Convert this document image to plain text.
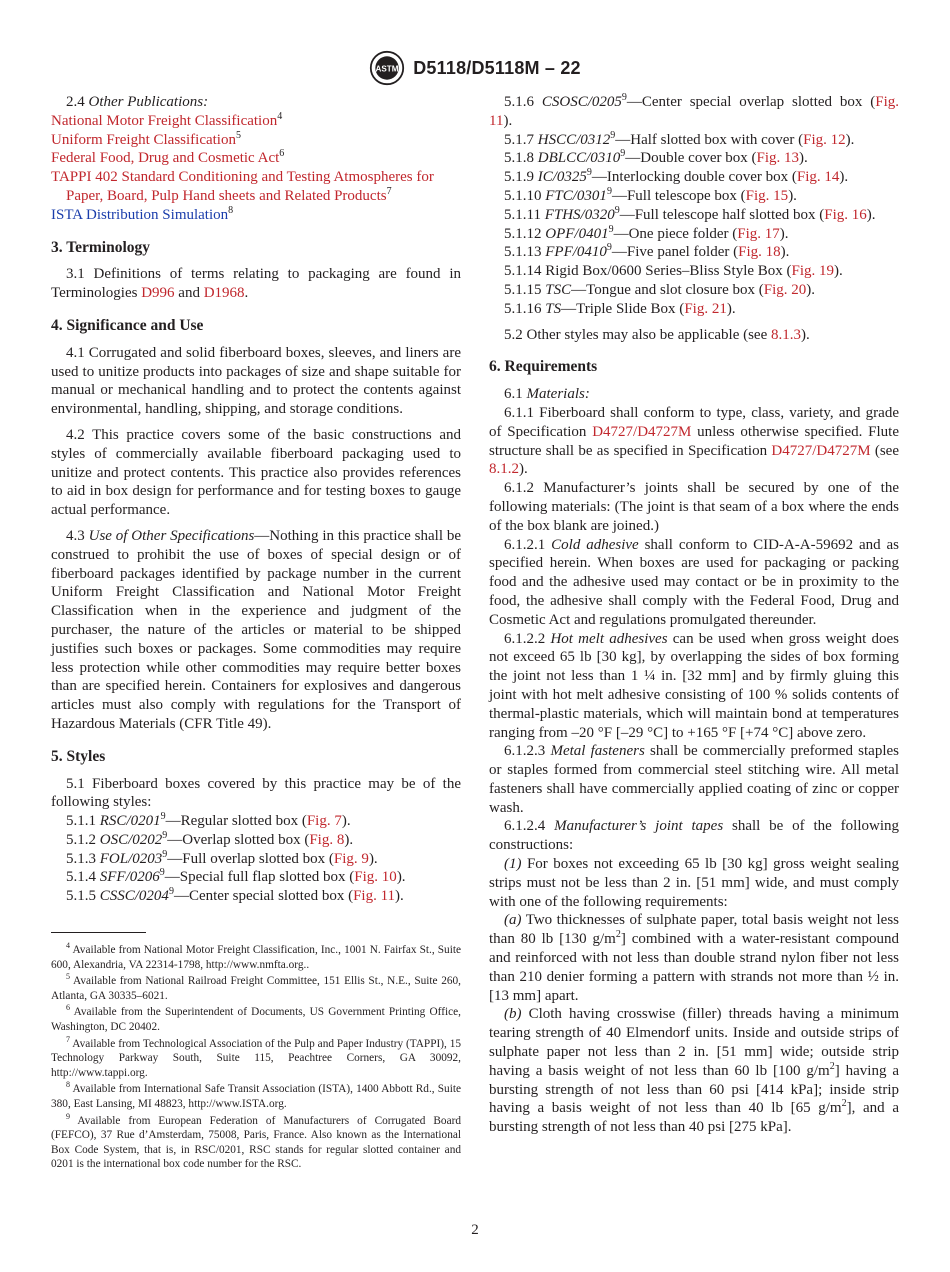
ASTM D5118/D5118M – 22

2.4 Other Publications:

National Motor Freight Classification$^4$

Uniform Freight Classification$^5$

Federal Food, Drug and Cosmetic Act$^6$

TAPPI 402 Standard Conditioning and Testing Atmospheres for Paper, Board, Pulp Hand sheets and Related Products$^7$

ISTA Distribution Simulation$^8$

3. Terminology

3.1 Definitions of terms relating to packaging are found in Terminologies D996 and D1968.

4. Significance and Use

4.1 Corrugated and solid fiberboard boxes, sleeves, and liners are used to unitize products into packages of size and shape suitable for manual or mechanical handling and to protect the contents against environmental, handling, shipping, and storage conditions.

4.2 This practice covers some of the basic constructions and styles of commercially available fiberboard packaging used to unitize and protect contents. This practice also provides references to aid in box design for performance and for testing boxes to gauge actual performance.

4.3 Use of Other Specifications—Nothing in this practice shall be construed to prohibit the use of boxes of special design or of fiberboard packages identified by package number in the current Uniform Freight Classification and National Motor Freight Classification when in the experience and judgment of the purchaser, the nature of the articles or material to be shipped justifies such boxes or packages. Some commodities may require less protection while other commodities may require better boxes than are specified herein. Containers for explosives and dangerous articles must also comply with regulations for the Transport of Hazardous Materials (CFR Title 49).

5. Styles

5.1 Fiberboard boxes covered by this practice may be of the following styles:

5.1.1 RSC/0201$^9$—Regular slotted box (Fig. 7).

5.1.2 OSC/0202$^9$—Overlap slotted box (Fig. 8).

5.1.3 FOL/0203$^9$—Full overlap slotted box (Fig. 9).

5.1.4 SFF/0206$^9$—Special full flap slotted box (Fig. 10).

5.1.5 CSSC/0204$^9$—Center special slotted box (Fig. 11).

$^4$ Available from National Motor Freight Classification, Inc., 1001 N. Fairfax St., Suite 600, Alexandria, VA 22314-1798, http://www.nmfta.org..

$^5$ Available from National Railroad Freight Committee, 151 Ellis St., N.E., Suite 260, Atlanta, GA 30335–6021.

$^6$ Available from the Superintendent of Documents, US Government Printing Office, Washington, DC 20402.

$^7$ Available from Technological Association of the Pulp and Paper Industry (TAPPI), 15 Technology Parkway South, Suite 115, Peachtree Corners, GA 30092, http://www.tappi.org.

$^8$ Available from International Safe Transit Association (ISTA), 1400 Abbott Rd., Suite 380, East Lansing, MI 48823, http://www.ISTA.org.

$^9$ Available from European Federation of Manufacturers of Corrugated Board (FEFCO), 37 Rue d’Amsterdam, 75008, Paris, France. Also known as the International Box Code System, that is, in RSC/0201, RSC stands for regular slotted container and 0201 is the international box code number for the RSC.

5.1.6 CSOSC/0205$^9$—Center special overlap slotted box (Fig. 11).

5.1.7 HSCC/0312$^9$—Half slotted box with cover (Fig. 12).

5.1.8 DBLCC/0310$^9$—Double cover box (Fig. 13).

5.1.9 IC/0325$^9$—Interlocking double cover box (Fig. 14).

5.1.10 FTC/0301$^9$—Full telescope box (Fig. 15).

5.1.11 FTHS/0320$^9$—Full telescope half slotted box (Fig. 16).

5.1.12 OPF/0401$^9$—One piece folder (Fig. 17).

5.1.13 FPF/0410$^9$—Five panel folder (Fig. 18).

5.1.14 Rigid Box/0600 Series–Bliss Style Box (Fig. 19).

5.1.15 TSC—Tongue and slot closure box (Fig. 20).

5.1.16 TS—Triple Slide Box (Fig. 21).

5.2 Other styles may also be applicable (see 8.1.3).

6. Requirements

6.1 Materials:

6.1.1 Fiberboard shall conform to type, class, variety, and grade of Specification D4727/D4727M unless otherwise specified. Flute structure shall be as specified in Specification D4727/D4727M (see 8.1.2).

6.1.2 Manufacturer’s joints shall be secured by one of the following materials: (The joint is that seam of a box where the ends of the box blank are joined.)

6.1.2.1 Cold adhesive shall conform to CID-A-A-59692 and as specified herein. When boxes are used for packaging or packing food and the adhesive used may contact or be in proximity to the food, the adhesive shall comply with the Federal Food, Drug and Cosmetic Act and regulations promulgated thereunder.

6.1.2.2 Hot melt adhesives can be used when gross weight does not exceed 65 lb [30 kg], by overlapping the sides of box forming the joint not less than 1 ¼ in. [32 mm] and by firmly gluing this joint with hot melt adhesive consisting of 100 % solids contents of thermal-plastic materials, which will maintain bond at temperatures ranging from –20 °F [–29 °C] to +165 °F [+74 °C] above zero.

6.1.2.3 Metal fasteners shall be commercially preformed staples or staples formed from commercial steel stitching wire. All metal fasteners shall have commercially applied coating of zinc or copper wash.

6.1.2.4 Manufacturer’s joint tapes shall be of the following constructions:

(1) For boxes not exceeding 65 lb [30 kg] gross weight sealing strips must not be less than 2 in. [51 mm] wide, and must comply with one of the following requirements:

(a) Two thicknesses of sulphate paper, total basis weight not less than 80 lb [130 $g/m^2$] combined with a water-resistant compound and reinforced with not less than double strand nylon fiber not less than 210 denier forming a pattern with strands not more than ½ in. [13 mm] apart.

(b) Cloth having crosswise (filler) threads having a minimum tearing strength of 40 Elmendorf units. Inside and outside strips of sulphate paper not less than 2 in. [51 mm] wide; outside strip having a basis weight of not less than 60 lb [100 $g/m^2$] having a bursting strength of not less than 60 psi [414 kPa]; inside strip having a basis weight of not less than 40 lb [65 $g/m^2$], and a bursting strength of not less than 40 psi [275 kPa].

2
